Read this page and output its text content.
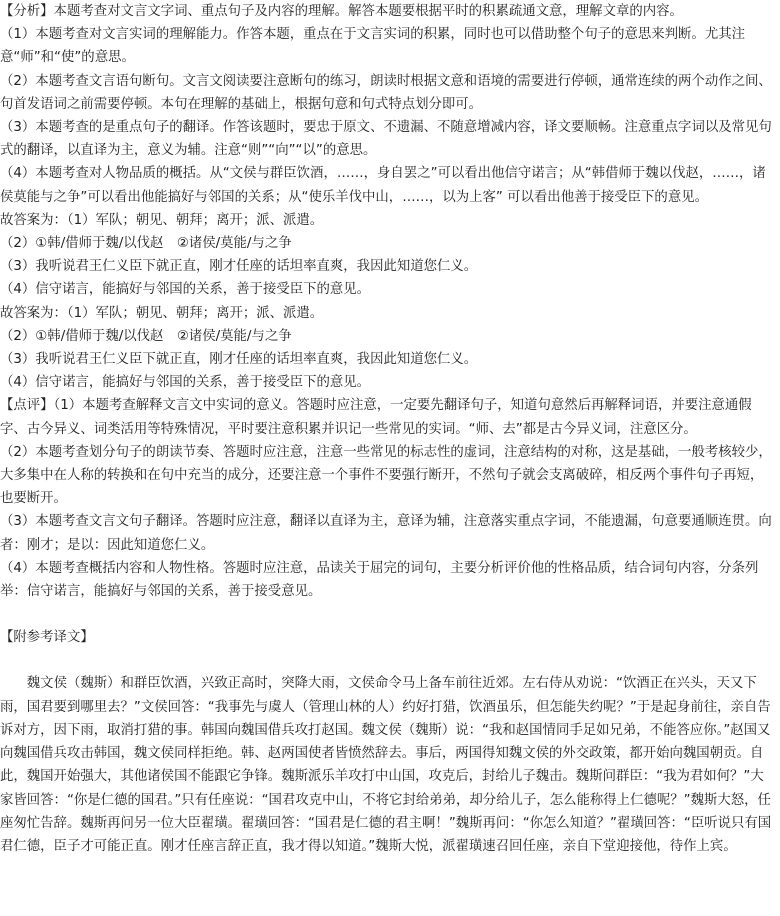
【分析】本题考查对文言文字词、重点句子及内容的理解。解答本题要根据平时的积累疏通文意，理解文章的内容。

（1）本题考查对文言实词的理解能力。作答本题，重点在于文言实词的积累，同时也可以借助整个句子的意思来判断。尤其注意“师”和“使”的意思。

（2）本题考查文言语句断句。文言文阅读要注意断句的练习，朗读时根据文意和语境的需要进行停顿，通常连续的两个动作之间、句首发语词之前需要停顿。本句在理解的基础上，根据句意和句式特点划分即可。

（3）本题考查的是重点句子的翻译。作答该题时，要忠于原文、不遗漏、不随意增减内容，译文要顺畅。注意重点字词以及常见句式的翻译，以直译为主，意义为辅。注意“则”“向”“以”的意思。

（4）本题考查对人物品质的概括。从“文侯与群臣饮酒，……，身自罢之”可以看出他信守诺言；从“韩借师于魏以伐赵，……，诸侯莫能与之争”可以看出他能搞好与邻国的关系；从“使乐羊伐中山，……，以为上客” 可以看出他善于接受臣下的意见。

故答案为：（1）军队；朝见、朝拜；离开；派、派遣。

（2）①韩/借师于魏/以伐赵　②诸侯/莫能/与之争

（3）我听说君王仁义臣下就正直，刚才任座的话坦率直爽，我因此知道您仁义。

（4）信守诺言，能搞好与邻国的关系，善于接受臣下的意见。

故答案为：（1）军队；朝见、朝拜；离开；派、派遣。

（2）①韩/借师于魏/以伐赵　②诸侯/莫能/与之争

（3）我听说君王仁义臣下就正直，刚才任座的话坦率直爽，我因此知道您仁义。

（4）信守诺言，能搞好与邻国的关系，善于接受臣下的意见。

【点评】（1）本题考查解释文言文中实词的意义。答题时应注意，一定要先翻译句子，知道句意然后再解释词语，并要注意通假字、古今异义、词类活用等特殊情况，平时要注意积累并识记一些常见的实词。“师、去”都是古今异义词，注意区分。

（2）本题考查划分句子的朗读节奏、答题时应注意，注意一些常见的标志性的虚词，注意结构的对称，这是基础，一般考核较少，大多集中在人称的转换和在句中充当的成分，还要注意一个事件不要强行断开，不然句子就会支离破碎，相反两个事件句子再短，也要断开。

（3）本题考查文言文句子翻译。答题时应注意，翻译以直译为主，意译为辅，注意落实重点字词，不能遗漏，句意要通顺连贯。向者：刚才；是以：因此知道您仁义。

（4）本题考查概括内容和人物性格。答题时应注意，品读关于屈完的词句，主要分析评价他的性格品质，结合词句内容，分条列举：信守诺言，能搞好与邻国的关系，善于接受意见。

【附参考译文】

魏文侯（魏斯）和群臣饮酒，兴致正高时，突降大雨，文侯命令马上备车前往近郊。左右侍从劝说：“饮酒正在兴头，天又下雨，国君要到哪里去？”文侯回答：“我事先与虞人（管理山林的人）约好打猎，饮酒虽乐，但怎能失约呢？”于是起身前往，亲自告诉对方，因下雨，取消打猎的事。韩国向魏国借兵攻打赵国。魏文侯（魏斯）说：“我和赵国情同手足如兄弟，不能答应你。”赵国又向魏国借兵攻击韩国，魏文侯同样拒绝。韩、赵两国使者皆愤然辞去。事后，两国得知魏文侯的外交政策，都开始向魏国朝贡。自此，魏国开始强大，其他诸侯国不能跟它争锋。魏斯派乐羊攻打中山国，攻克后，封给儿子魏击。魏斯问群臣：“我为君如何？”大家皆回答：“你是仁德的国君。”只有任座说：“国君攻克中山，不将它封给弟弟，却分给儿子，怎么能称得上仁德呢？”魏斯大怒，任座匆忙告辞。魏斯再问另一位大臣翟璜。翟璜回答：“国君是仁德的君主啊！”魏斯再问：“你怎么知道？”翟璜回答：“臣听说只有国君仁德，臣子才可能正直。刚才任座言辞正直，我才得以知道。”魏斯大悦，派翟璜速召回任座，亲自下堂迎接他，待作上宾。
